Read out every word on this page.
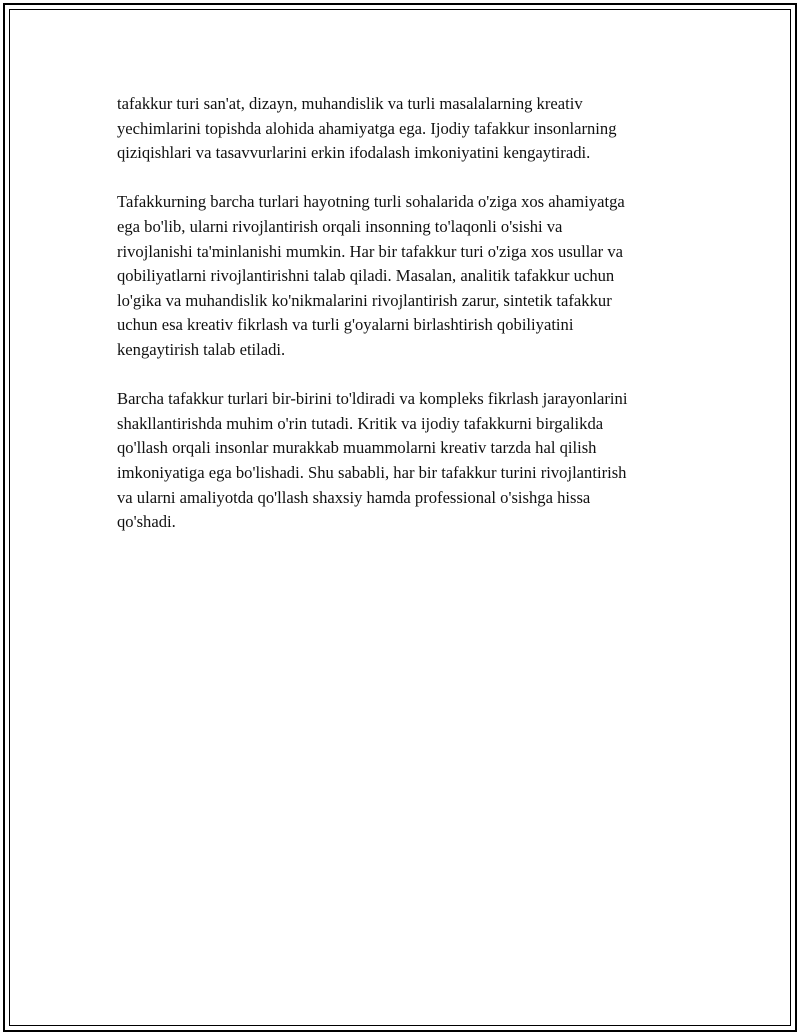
tafakkur turi san'at, dizayn, muhandislik va turli masalalarning kreativ
yechimlarini topishda alohida ahamiyatga ega. Ijodiy tafakkur insonlarning
qiziqishlari va tasavvurlarini erkin ifodalash imkoniyatini kengaytiradi.

Tafakkurning barcha turlari hayotning turli sohalarida o'ziga xos ahamiyatga
ega bo'lib, ularni rivojlantirish orqali insonning to'laqonli o'sishi va
rivojlanishi ta'minlanishi mumkin. Har bir tafakkur turi o'ziga xos usullar va
qobiliyatlarni rivojlantirishni talab qiladi. Masalan, analitik tafakkur uchun
lo'gika va muhandislik ko'nikmalarini rivojlantirish zarur, sintetik tafakkur
uchun esa kreativ fikrlash va turli g'oyalarni birlashtirish qobiliyatini
kengaytirish talab etiladi.

Barcha tafakkur turlari bir-birini to'ldiradi va kompleks fikrlash jarayonlarini
shakllantirishda muhim o'rin tutadi. Kritik va ijodiy tafakkurni birgalikda
qo'llash orqali insonlar murakkab muammolarni kreativ tarzda hal qilish
imkoniyatiga ega bo'lishadi. Shu sababli, har bir tafakkur turini rivojlantirish
va ularni amaliyotda qo'llash shaxsiy hamda professional o'sishga hissa
qo'shadi.
